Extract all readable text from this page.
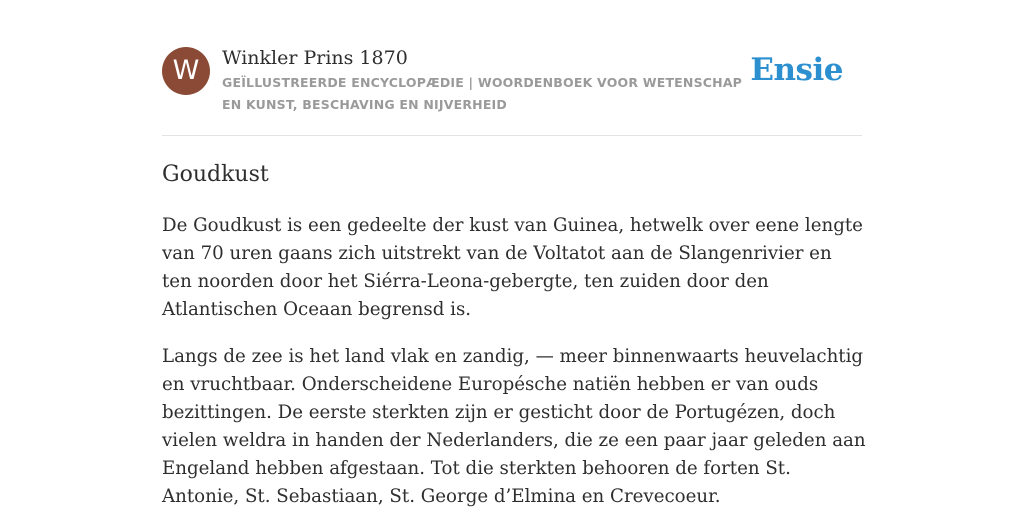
W	Winkler Prins 1870
GEÏLLUSTREERDE ENCYCLOPÆDIE | WOORDENBOEK VOOR WETENSCHAP EN KUNST, BESCHAVING EN NIJVERHEID
Ensie
Goudkust

De Goudkust is een gedeelte der kust van Guinea, hetwelk over eene lengte van 70 uren gaans zich uitstrekt van de Voltatot aan de Slangenrivier en ten noorden door het Siérra-Leona-gebergte, ten zuiden door den Atlantischen Oceaan begrensd is.

Langs de zee is het land vlak en zandig, — meer binnenwaarts heuvelachtig en vruchtbaar. Onderscheidene Europésche natiën hebben er van ouds bezittingen. De eerste sterkten zijn er gesticht door de Portugézen, doch vielen weldra in handen der Nederlanders, die ze een paar jaar geleden aan Engeland hebben afgestaan. Tot die sterkten behooren de forten St. Antonie, St. Sebastiaan, St. George d’Elmina en Crevecoeur.
